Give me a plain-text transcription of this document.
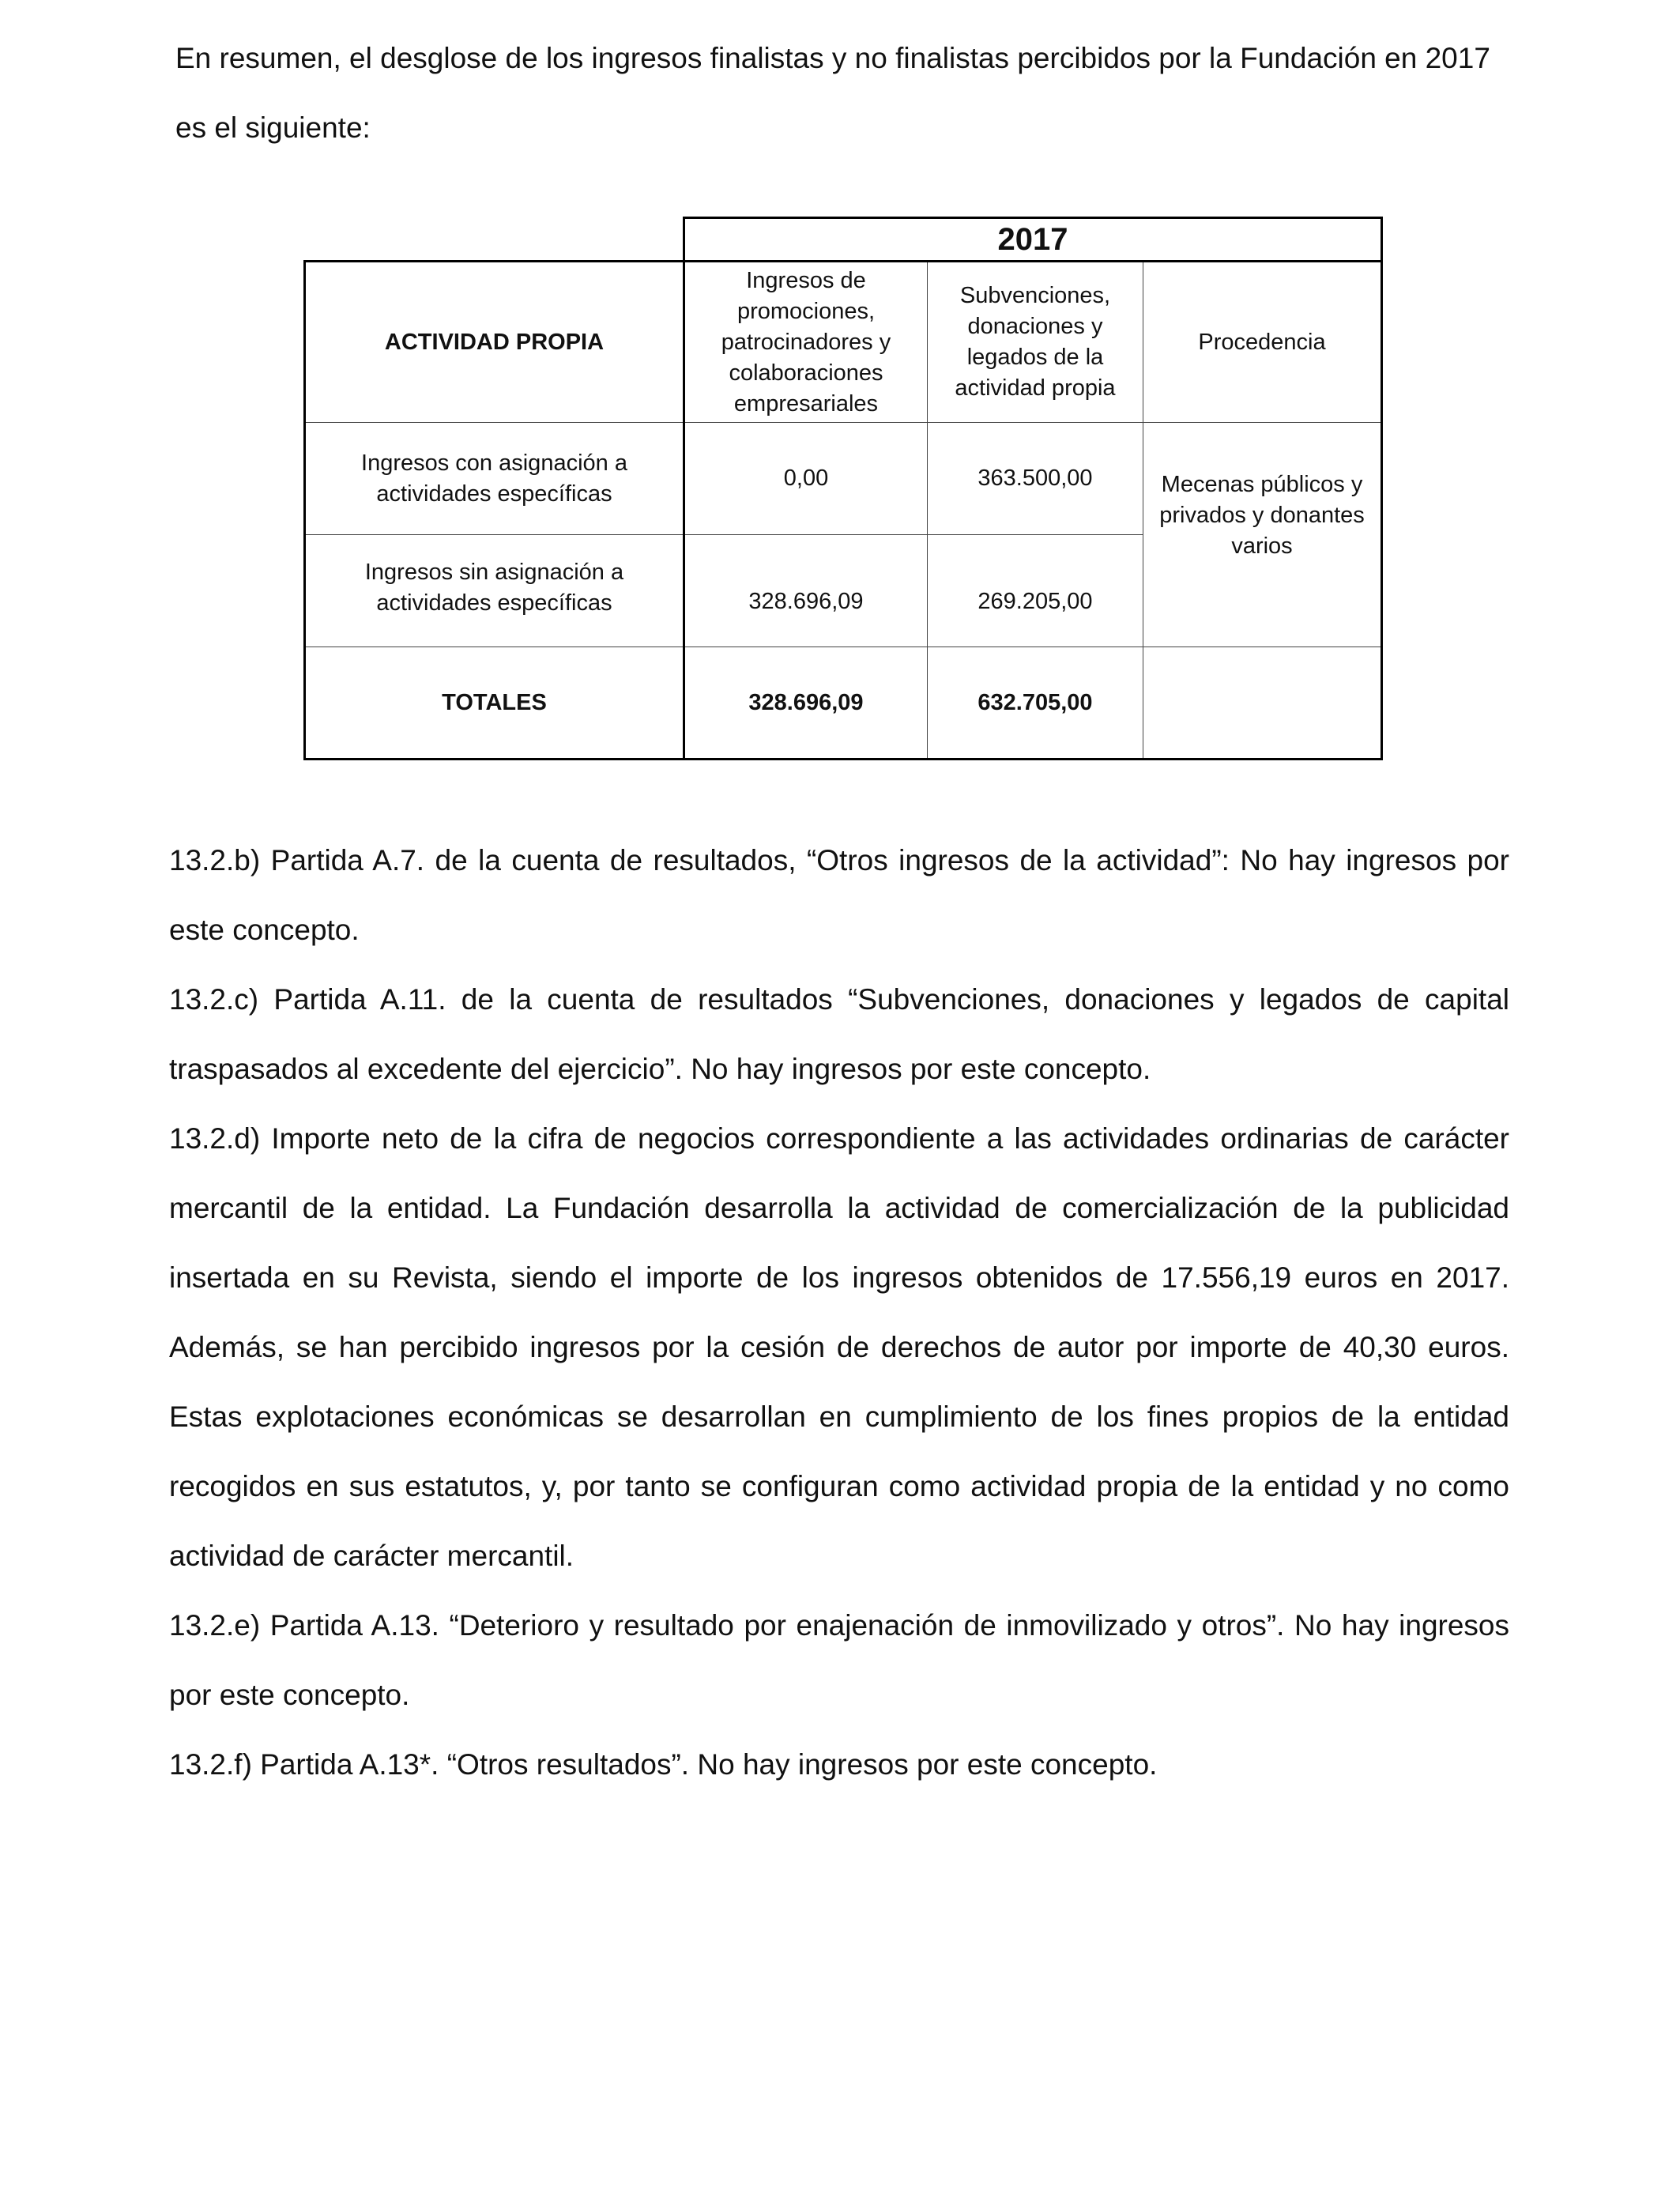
En resumen, el desglose de los ingresos finalistas y no finalistas percibidos por la Fundación en 2017 es el siguiente:

	2017		
ACTIVIDAD PROPIA	Ingresos de promociones, patrocinadores y colaboraciones empresariales	Subvenciones, donaciones y legados de la actividad propia	Procedencia
Ingresos con asignación a actividades específicas	0,00	363.500,00	Mecenas públicos y privados y donantes varios
Ingresos sin asignación a actividades específicas	328.696,09	269.205,00	
TOTALES	328.696,09	632.705,00	

13.2.b) Partida A.7. de la cuenta de resultados, “Otros ingresos de la actividad”: No hay ingresos por este concepto.

13.2.c) Partida A.11. de la cuenta de resultados “Subvenciones, donaciones y legados de capital traspasados al excedente del ejercicio”. No hay ingresos por este concepto.

13.2.d) Importe neto de la cifra de negocios correspondiente a las actividades ordinarias de carácter mercantil de la entidad. La Fundación desarrolla la actividad de comercialización de la publicidad insertada en su Revista, siendo el importe de los ingresos obtenidos de 17.556,19 euros en 2017. Además, se han percibido ingresos por la cesión de derechos de autor por importe de 40,30 euros. Estas explotaciones económicas se desarrollan en cumplimiento de los fines propios de la entidad recogidos en sus estatutos, y, por tanto se configuran como actividad propia de la entidad y no como actividad de carácter mercantil.

13.2.e) Partida A.13. “Deterioro y resultado por enajenación de inmovilizado y otros”. No hay ingresos por este concepto.

13.2.f) Partida A.13*. “Otros resultados”. No hay ingresos por este concepto.
